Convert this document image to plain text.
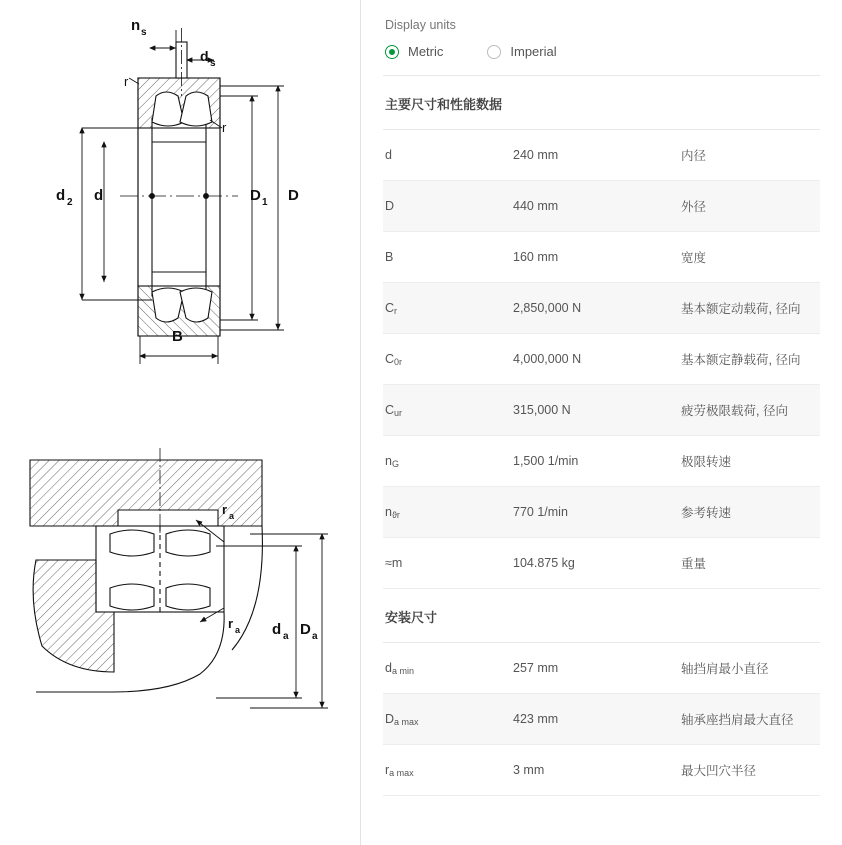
n s
d s
r
r
d 2 d	D 1 D
B
r a
r a d a D a
Display units
Metric	Imperial
主要尺寸和性能数据
d	240 mm	内径
D	440 mm	外径
B	160 mm	宽度
$C_r$	2,850,000 N	基本额定动载荷, 径向
$C_{0r}$	4,000,000 N	基本额定静载荷, 径向
$C_{ur}$	315,000 N	疲劳极限载荷, 径向
$n_G$	1,500 1/min	极限转速
$n_{ϑr}$	770 1/min	参考转速
≈m	104.875 kg	重量
安装尺寸
$d_{a min}$	257 mm	轴挡肩最小直径
$D_{a max}$	423 mm	轴承座挡肩最大直径
$r_{a max}$	3 mm	最大凹穴半径
